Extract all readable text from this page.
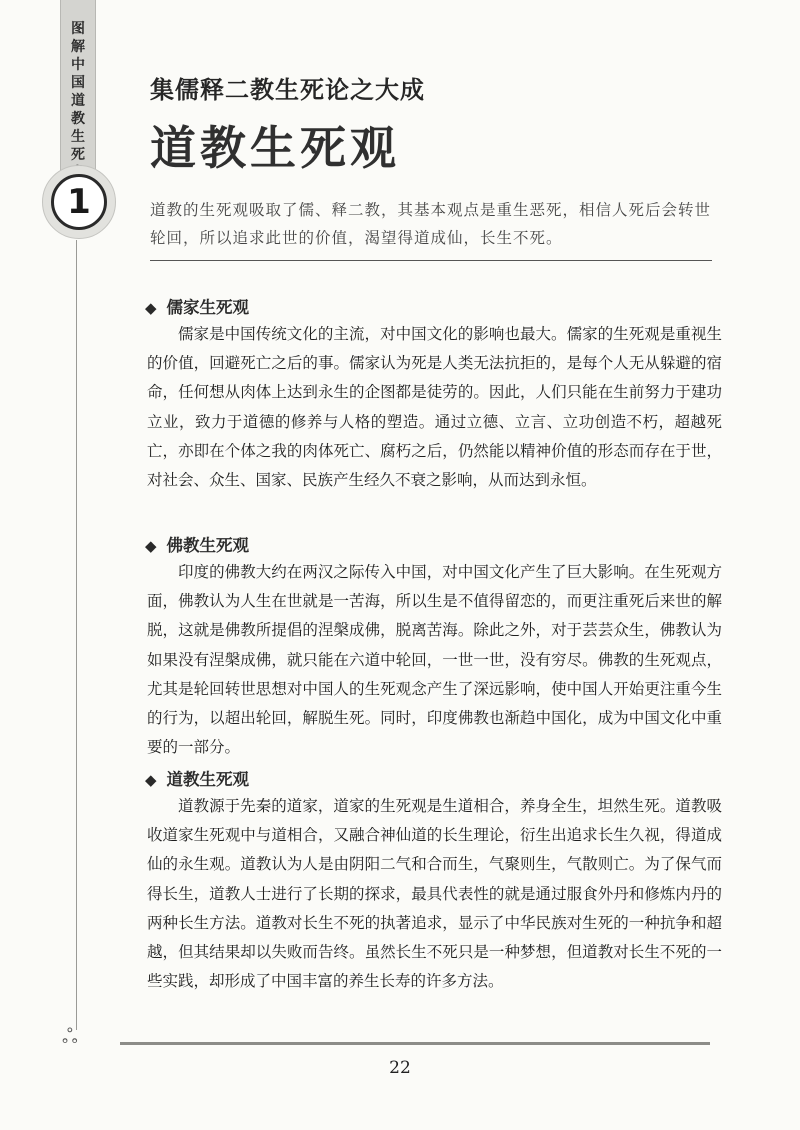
图
解
中
国
道
教
生
死

1
集儒释二教生死论之大成
道教生死观
道教的生死观吸取了儒、释二教，其基本观点是重生恶死，相信人死后会转世轮回，所以追求此世的价值，渴望得道成仙，长生不死。
◆ 儒家生死观

儒家是中国传统文化的主流，对中国文化的影响也最大。儒家的生死观是重视生的价值，回避死亡之后的事。儒家认为死是人类无法抗拒的，是每个人无从躲避的宿命，任何想从肉体上达到永生的企图都是徒劳的。因此，人们只能在生前努力于建功立业，致力于道德的修养与人格的塑造。通过立德、立言、立功创造不朽，超越死亡，亦即在个体之我的肉体死亡、腐朽之后，仍然能以精神价值的形态而存在于世，对社会、众生、国家、民族产生经久不衰之影响，从而达到永恒。

◆ 佛教生死观

印度的佛教大约在两汉之际传入中国，对中国文化产生了巨大影响。在生死观方面，佛教认为人生在世就是一苦海，所以生是不值得留恋的，而更注重死后来世的解脱，这就是佛教所提倡的涅槃成佛，脱离苦海。除此之外，对于芸芸众生，佛教认为如果没有涅槃成佛，就只能在六道中轮回，一世一世，没有穷尽。佛教的生死观点，尤其是轮回转世思想对中国人的生死观念产生了深远影响，使中国人开始更注重今生的行为，以超出轮回，解脱生死。同时，印度佛教也渐趋中国化，成为中国文化中重要的一部分。

◆ 道教生死观

道教源于先秦的道家，道家的生死观是生道相合，养身全生，坦然生死。道教吸收道家生死观中与道相合，又融合神仙道的长生理论，衍生出追求长生久视，得道成仙的永生观。道教认为人是由阴阳二气和合而生，气聚则生，气散则亡。为了保气而得长生，道教人士进行了长期的探求，最具代表性的就是通过服食外丹和修炼内丹的两种长生方法。道教对长生不死的执著追求，显示了中华民族对生死的一种抗争和超越，但其结果却以失败而告终。虽然长生不死只是一种梦想，但道教对长生不死的一些实践，却形成了中国丰富的养生长寿的许多方法。

ஃ
22
